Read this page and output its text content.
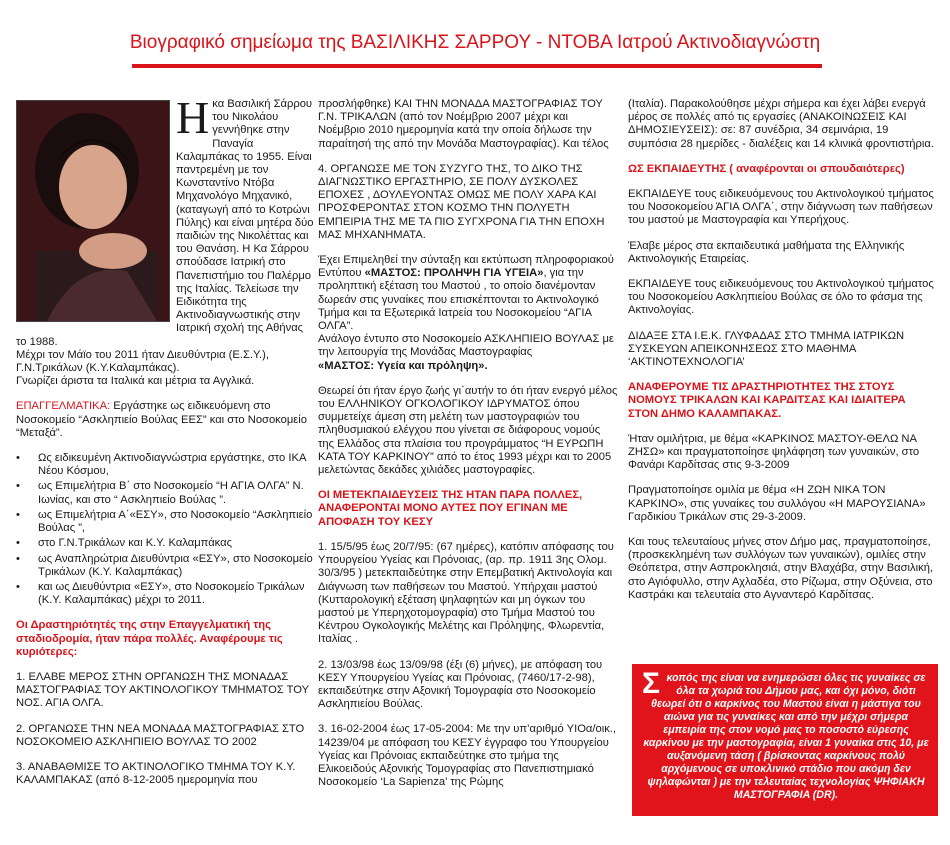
Βιογραφικό σημείωμα της ΒΑΣΙΛΙΚΗΣ ΣΑΡΡΟΥ - ΝΤΟΒΑ Ιατρού Ακτινοδιαγνώστη

Η κα Βασιλική Σάρρου του Νικολάου γεννήθηκε στην Παναγία Καλαμπάκας το 1955. Είναι παντρεμένη με τον Κωνσταντίνο Ντόβα Μηχανολόγο Μηχανικό, (καταγωγή από το Κοτρώνι Πύλης) και είναι μητέρα δύο παιδιών της Νικολέττας και του Θανάση. Η Κα Σάρρου σπούδασε Ιατρική στο Πανεπιστήμιο του Παλέρμο της Ιταλίας. Τελείωσε την Ειδικότητα της Ακτινοδιαγνωστικής στην Ιατρική σχολή της Αθήνας το 1988.
Μέχρι τον Μάϊο του 2011 ήταν Διευθύντρια (Ε.Σ.Υ.), Γ.Ν.Τρικάλων (Κ.Υ.Καλαμπάκας).
Γνωρίζει άριστα τα Ιταλικά και μέτρια τα Αγγλικά.

ΕΠΑΓΓΕΛΜΑΤΙΚΑ: Εργάστηκε ως ειδικευόμενη στο Νοσοκομείο “Ασκληπιείο Βούλας ΕΕΣ” και στο Νοσοκομείο “Μεταξά”.

•	Ως ειδικευμένη Ακτινοδιαγνώστρια εργάστηκε, στο ΙΚΑ Νέου Κόσμου,
•	ως Επιμελήτρια Β΄ στο Νοσοκομείο “Η ΑΓΙΑ ΟΛΓΑ” Ν. Ιωνίας, και στο “ Ασκληπιείο Βούλας ”.
•	ως Επιμελήτρια Α΄«ΕΣΥ», στο Νοσοκομείο “Ασκληπιείο Βούλας ”,
•	στο Γ.Ν.Τρικάλων και Κ.Υ. Καλαμπάκας
•	ως Αναπληρώτρια Διευθύντρια «ΕΣΥ», στο Νοσοκομείο Τρικάλων (Κ.Υ. Καλαμπάκας)
•	και ως Διευθύντρια «ΕΣΥ», στο Νοσοκομείο Τρικάλων (Κ.Υ. Καλαμπάκας) μέχρι το 2011.

Οι Δραστηριότητές της στην Επαγγελματική της σταδιοδρομία, ήταν πάρα πολλές. Αναφέρουμε τις κυριότερες:

1. ΕΛΑΒΕ ΜΕΡΟΣ ΣΤΗΝ ΟΡΓΑΝΩΣΗ ΤΗΣ ΜΟΝΑΔΑΣ ΜΑΣΤΟΓΡΑΦΙΑΣ ΤΟΥ ΑΚΤΙΝΟΛΟΓΙΚΟΥ ΤΜΗΜΑΤΟΣ ΤΟΥ ΝΟΣ. ΑΓΙΑ ΟΛΓΑ.

2. ΟΡΓΑΝΩΣΕ ΤΗΝ ΝΕΑ ΜΟΝΑΔΑ ΜΑΣΤΟΓΡΑΦΙΑΣ ΣΤΟ ΝΟΣΟΚΟΜΕΙΟ ΑΣΚΛΗΠΙΕΙΟ ΒΟΥΛΑΣ ΤΟ 2002

3. ΑΝΑΒΑΘΜΙΣΕ ΤΟ ΑΚΤΙΝΟΛΟΓΙΚΟ ΤΜΗΜΑ ΤΟΥ Κ.Υ. ΚΑΛΑΜΠΑΚΑΣ (από 8-12-2005 ημερομηνία που

προσλήφθηκε) ΚΑΙ ΤΗΝ ΜΟΝΑΔΑ ΜΑΣΤΟΓΡΑΦΙΑΣ ΤΟΥ Γ.Ν. ΤΡΙΚΑΛΩΝ (από τον Νοέμβριο 2007 μέχρι και Νοέμβριο 2010 ημερομηνία κατά την οποία δήλωσε την παραίτησή της από την Μονάδα Μαστογραφίας). Και τέλος

4. ΟΡΓΑΝΩΣΕ ΜΕ ΤΟΝ ΣΥΖΥΓΟ ΤΗΣ, ΤΟ ΔΙΚΟ ΤΗΣ ΔΙΑΓΝΩΣΤΙΚΟ ΕΡΓΑΣΤΗΡΙΟ, ΣΕ ΠΟΛΥ ΔΥΣΚΟΛΕΣ ΕΠΟΧΕΣ , ΔΟΥΛΕΥΟΝΤΑΣ ΟΜΩΣ ΜΕ ΠΟΛΥ ΧΑΡΑ ΚΑΙ ΠΡΟΣΦΕΡΟΝΤΑΣ ΣΤΟΝ ΚΟΣΜΟ ΤΗΝ ΠΟΛΥΕΤΗ ΕΜΠΕΙΡΙΑ ΤΗΣ ΜΕ ΤΑ ΠΙΟ ΣΥΓΧΡΟΝΑ ΓΙΑ ΤΗΝ ΕΠΟΧΗ ΜΑΣ ΜΗΧΑΝΗΜΑΤΑ.

Έχει Επιμεληθεί την σύνταξη και εκτύπωση πληροφοριακού Εντύπου «ΜΑΣΤΟΣ: ΠΡΟΛΗΨΗ ΓΙΑ ΥΓΕΙΑ», για την προληπτική εξέταση του Μαστού , το οποίο διανέμονταν δωρεάν στις γυναίκες που επισκέπτονται το Ακτινολογικό Τμήμα και τα Εξωτερικά Ιατρεία του Νοσοκομείου “ΑΓΙΑ ΟΛΓΑ”.
Ανάλογο έντυπο στο Νοσοκομείο ΑΣΚΛΗΠΙΕΙΟ ΒΟΥΛΑΣ με την λειτουργία της Μονάδας Μαστογραφίας
«ΜΑΣΤΟΣ: Υγεία και πρόληψη».

Θεωρεί ότι ήταν έργο ζωής γι΄αυτήν το ότι ήταν ενεργό μέλος του ΕΛΛΗΝΙΚΟΥ ΟΓΚΟΛΟΓΙΚΟΥ ΙΔΡΥΜΑΤΟΣ όπου συμμετείχε άμεση στη μελέτη των μαστογραφιών του πληθυσμιακού ελέγχου που γίνεται σε διάφορους νομούς της Ελλάδος στα πλαίσια του προγράμματος “Η ΕΥΡΩΠΗ ΚΑΤΑ ΤΟΥ ΚΑΡΚΙΝΟΥ” από το έτος 1993 μέχρι και το 2005 μελετώντας δεκάδες χιλιάδες μαστογραφίες.

ΟΙ ΜΕΤΕΚΠΑΙΔΕΥΣΕΙΣ ΤΗΣ ΗΤΑΝ ΠΑΡΑ ΠΟΛΛΕΣ, ΑΝΑΦΕΡΟΝΤΑΙ ΜΟΝΟ ΑΥΤΕΣ ΠΟΥ ΕΓΙΝΑΝ ΜΕ ΑΠΟΦΑΣΗ ΤΟΥ ΚΕΣΥ

1. 15/5/95 έως 20/7/95: (67 ημέρες), κατόπιν απόφασης του Υπουργείου Υγείας και Πρόνοιας, (αρ. πρ. 1911 3ης Ολομ. 30/3/95 ) μετεκπαιδεύτηκε στην Επεμβατική Ακτινολογία και Διάγνωση των παθήσεων του Μαστού. Υπήρχαιι μαστού (Κυτταρολογική εξέταση ψηλαφητών και μη όγκων του μαστού με Υπερηχοτομογραφία) στο Τμήμα Μαστού του Κέντρου Ογκολογικής Μελέτης και Πρόληψης, Φλωρεντία, Ιταλίας .

2. 13/03/98 έως 13/09/98 (έξι (6) μήνες), με απόφαση του ΚΕΣΥ Υπουργείου Υγείας και Πρόνοιας, (7460/17-2-98), εκπαιδεύτηκε στην Αξονική Τομογραφία στο Νοσοκομείο Ασκληπιείου Βούλας.

3. 16-02-2004 έως 17-05-2004: Με την υπ’αριθμό ΥΙΟα/οικ., 14239/04 με απόφαση του ΚΕΣΥ έγγραφο του Υπουργείου Υγείας και Πρόνοιας εκπαιδεύτηκε στο τμήμα της Ελικοειδούς Αξονικής Τομογραφίας στο Πανεπιστημιακό Νοσοκομείο ‘La Sapienza’ της Ρώμης

(Ιταλία). Παρακολούθησε μέχρι σήμερα και έχει λάβει ενεργά μέρος σε πολλές από τις εργασίες (ΑΝΑΚΟΙΝΩΣΕΙΣ ΚΑΙ ΔΗΜΟΣΙΕΥΣΕΙΣ): σε: 87 συνέδρια, 34 σεμινάρια, 19 συμπόσια 28 ημερίδες - διαλέξεις και 14 κλινικά φροντιστήρια.

ΩΣ ΕΚΠΑΙΔΕΥΤΗΣ ( αναφέρονται οι σπουδαιότερες)

ΕΚΠΑΙΔΕΥΕ τους ειδικευόμενους του Ακτινολογικού τμήματος του Νοσοκομείου ΆΓΙΑ ΟΛΓΑ΄, στην διάγνωση των παθήσεων του μαστού με Μαστογραφία και Υπερήχους.

Έλαβε μέρος στα εκπαιδευτικά μαθήματα της Ελληνικής Ακτινολογικής Εταιρείας.

ΕΚΠΑΙΔΕΥΕ τους ειδικευόμενους του Ακτινολογικού τμήματος του Νοσοκομείου Ασκληπιείου Βούλας σε όλο το φάσμα της Ακτινολογίας.

ΔΙΔΑΞΕ ΣΤΑ Ι.Ε.Κ. ΓΛΥΦΑΔΑΣ ΣΤΟ ΤΜΗΜΑ ΙΑΤΡΙΚΩΝ ΣΥΣΚΕΥΩΝ ΑΠΕΙΚΟΝΗΣΕΩΣ ΣΤΟ ΜΑΘΗΜΑ ‘ΑΚΤΙΝΟΤΕΧΝΟΛΟΓΙΑ’

ΑΝΑΦΕΡΟΥΜΕ ΤΙΣ ΔΡΑΣΤΗΡΙΟΤΗΤΕΣ ΤΗΣ ΣΤΟΥΣ ΝΟΜΟΥΣ ΤΡΙΚΑΛΩΝ ΚΑΙ ΚΑΡΔΙΤΣΑΣ ΚΑΙ ΙΔΙΑΙΤΕΡΑ ΣΤΟΝ ΔΗΜΟ ΚΑΛΑΜΠΑΚΑΣ.

Ήταν ομιλήτρια, με θέμα «ΚΑΡΚΙΝΟΣ ΜΑΣΤΟΥ-ΘΕΛΩ ΝΑ ΖΗΣΩ» και πραγματοποίησε ψηλάφηση των γυναικών, στο Φανάρι Καρδίτσας στις 9-3-2009

Πραγματοποίησε ομιλία με θέμα «Η ΖΩΗ ΝΙΚΑ ΤΟΝ ΚΑΡΚΙΝΟ», στις γυναίκες του συλλόγου «Η ΜΑΡΟΥΣΙΑΝΑ» Γαρδικίου Τρικάλων στις 29-3-2009.

Και τους τελευταίους μήνες στον Δήμο μας, πραγματοποίησε, (προσκεκλημένη των συλλόγων των γυναικών), ομιλίες στην Θεόπετρα, στην Ασπροκλησιά, στην Βλαχάβα, στην Βασιλική, στο Αγιόφυλλο, στην Αχλαδέα, στο Ρίζωμα, στην Οξύνεια, στο Καστράκι και τελευταία στο Αγναντερό Καρδίτσας.

Σκοπός της είναι να ενημερώσει όλες τις γυναίκες σε όλα τα χωριά του Δήμου μας, και όχι μόνο, διότι θεωρεί ότι ο καρκίνος του Μαστού είναι η μάστιγα του αιώνα για τις γυναίκες και από την μέχρι σήμερα εμπειρία της στον νομό μας το ποσοστό εύρεσης καρκίνου με την μαστογραφία, είναι 1 γυναίκα στις 10, με αυξανόμενη τάση ( βρίσκοντας καρκίνους πολύ αρχόμενους σε υποκλινικό στάδιο που ακόμη δεν ψηλαφώνται ) με την τελευταίας τεχνολογίας ΨΗΦΙΑΚΗ ΜΑΣΤΟΓΡΑΦΙΑ (DR).
